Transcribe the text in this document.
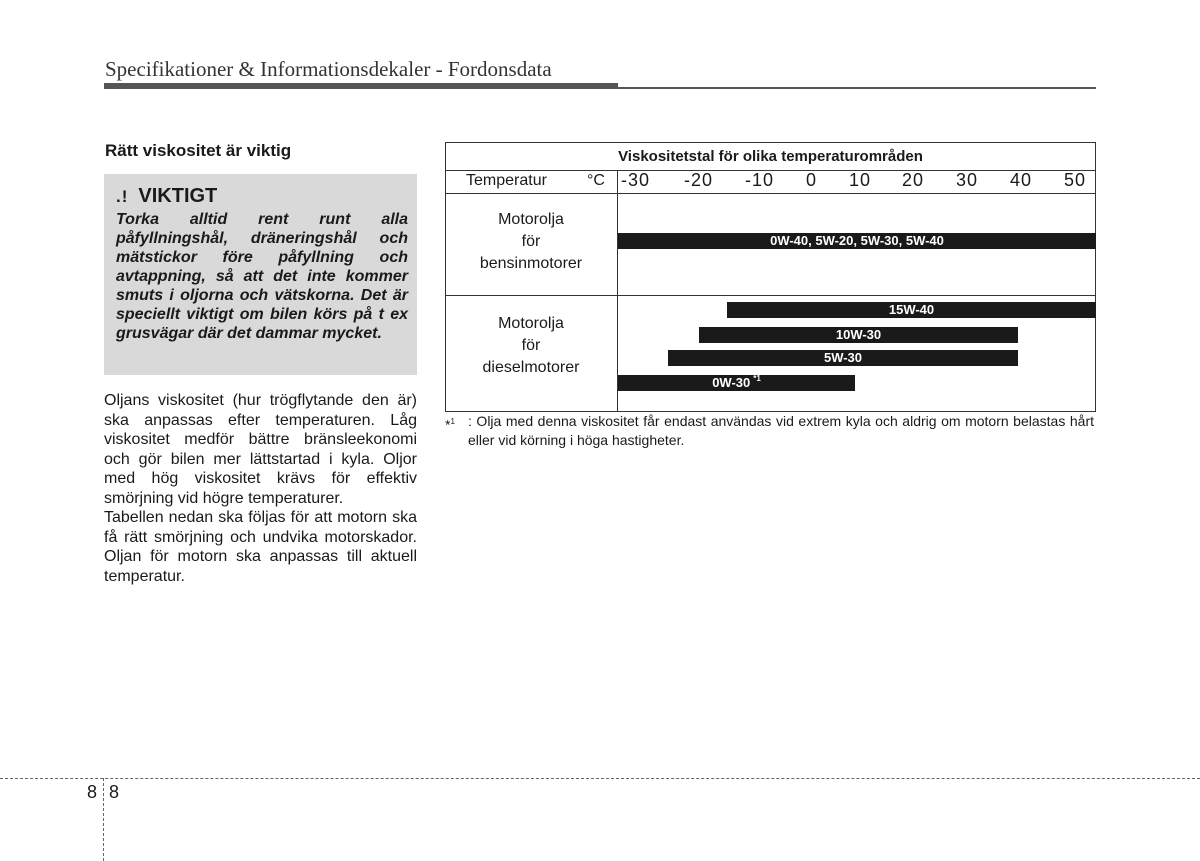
Specifikationer & Informationsdekaler - Fordonsdata
Rätt viskositet är viktig
.! VIKTIGT
Torka alltid rent runt alla påfyllningshål, dräneringshål och mätstickor före påfyllning och avtappning, så att det inte kommer smuts i oljorna och vätskorna. Det är speciellt viktigt om bilen körs på t ex grusvägar där det dammar mycket.

Oljans viskositet (hur trögflytande den är) ska anpassas efter temperaturen. Låg viskositet medför bättre bränsleekonomi och gör bilen mer lättstartad i kyla. Oljor med hög viskositet krävs för effektiv smörjning vid högre temperaturer.

Tabellen nedan ska följas för att motorn ska få rätt smörjning och undvika motorskador. Oljan för motorn ska anpassas till aktuell temperatur.

Viskositetstal för olika temperaturområden
Temperatur	°C -30 -20 -10 0 10 20 30 40 50
Motorolja
för
bensinmotorer
0W-40, 5W-20, 5W-30, 5W-40
Motorolja
för
dieselmotorer
15W-40
10W-30
5W-30
0W-30 $^{*1}$
*$^1$ : Olja med denna viskositet får endast användas vid extrem kyla och aldrig om motorn belastas hårt eller vid körning i höga hastigheter.
8 8
